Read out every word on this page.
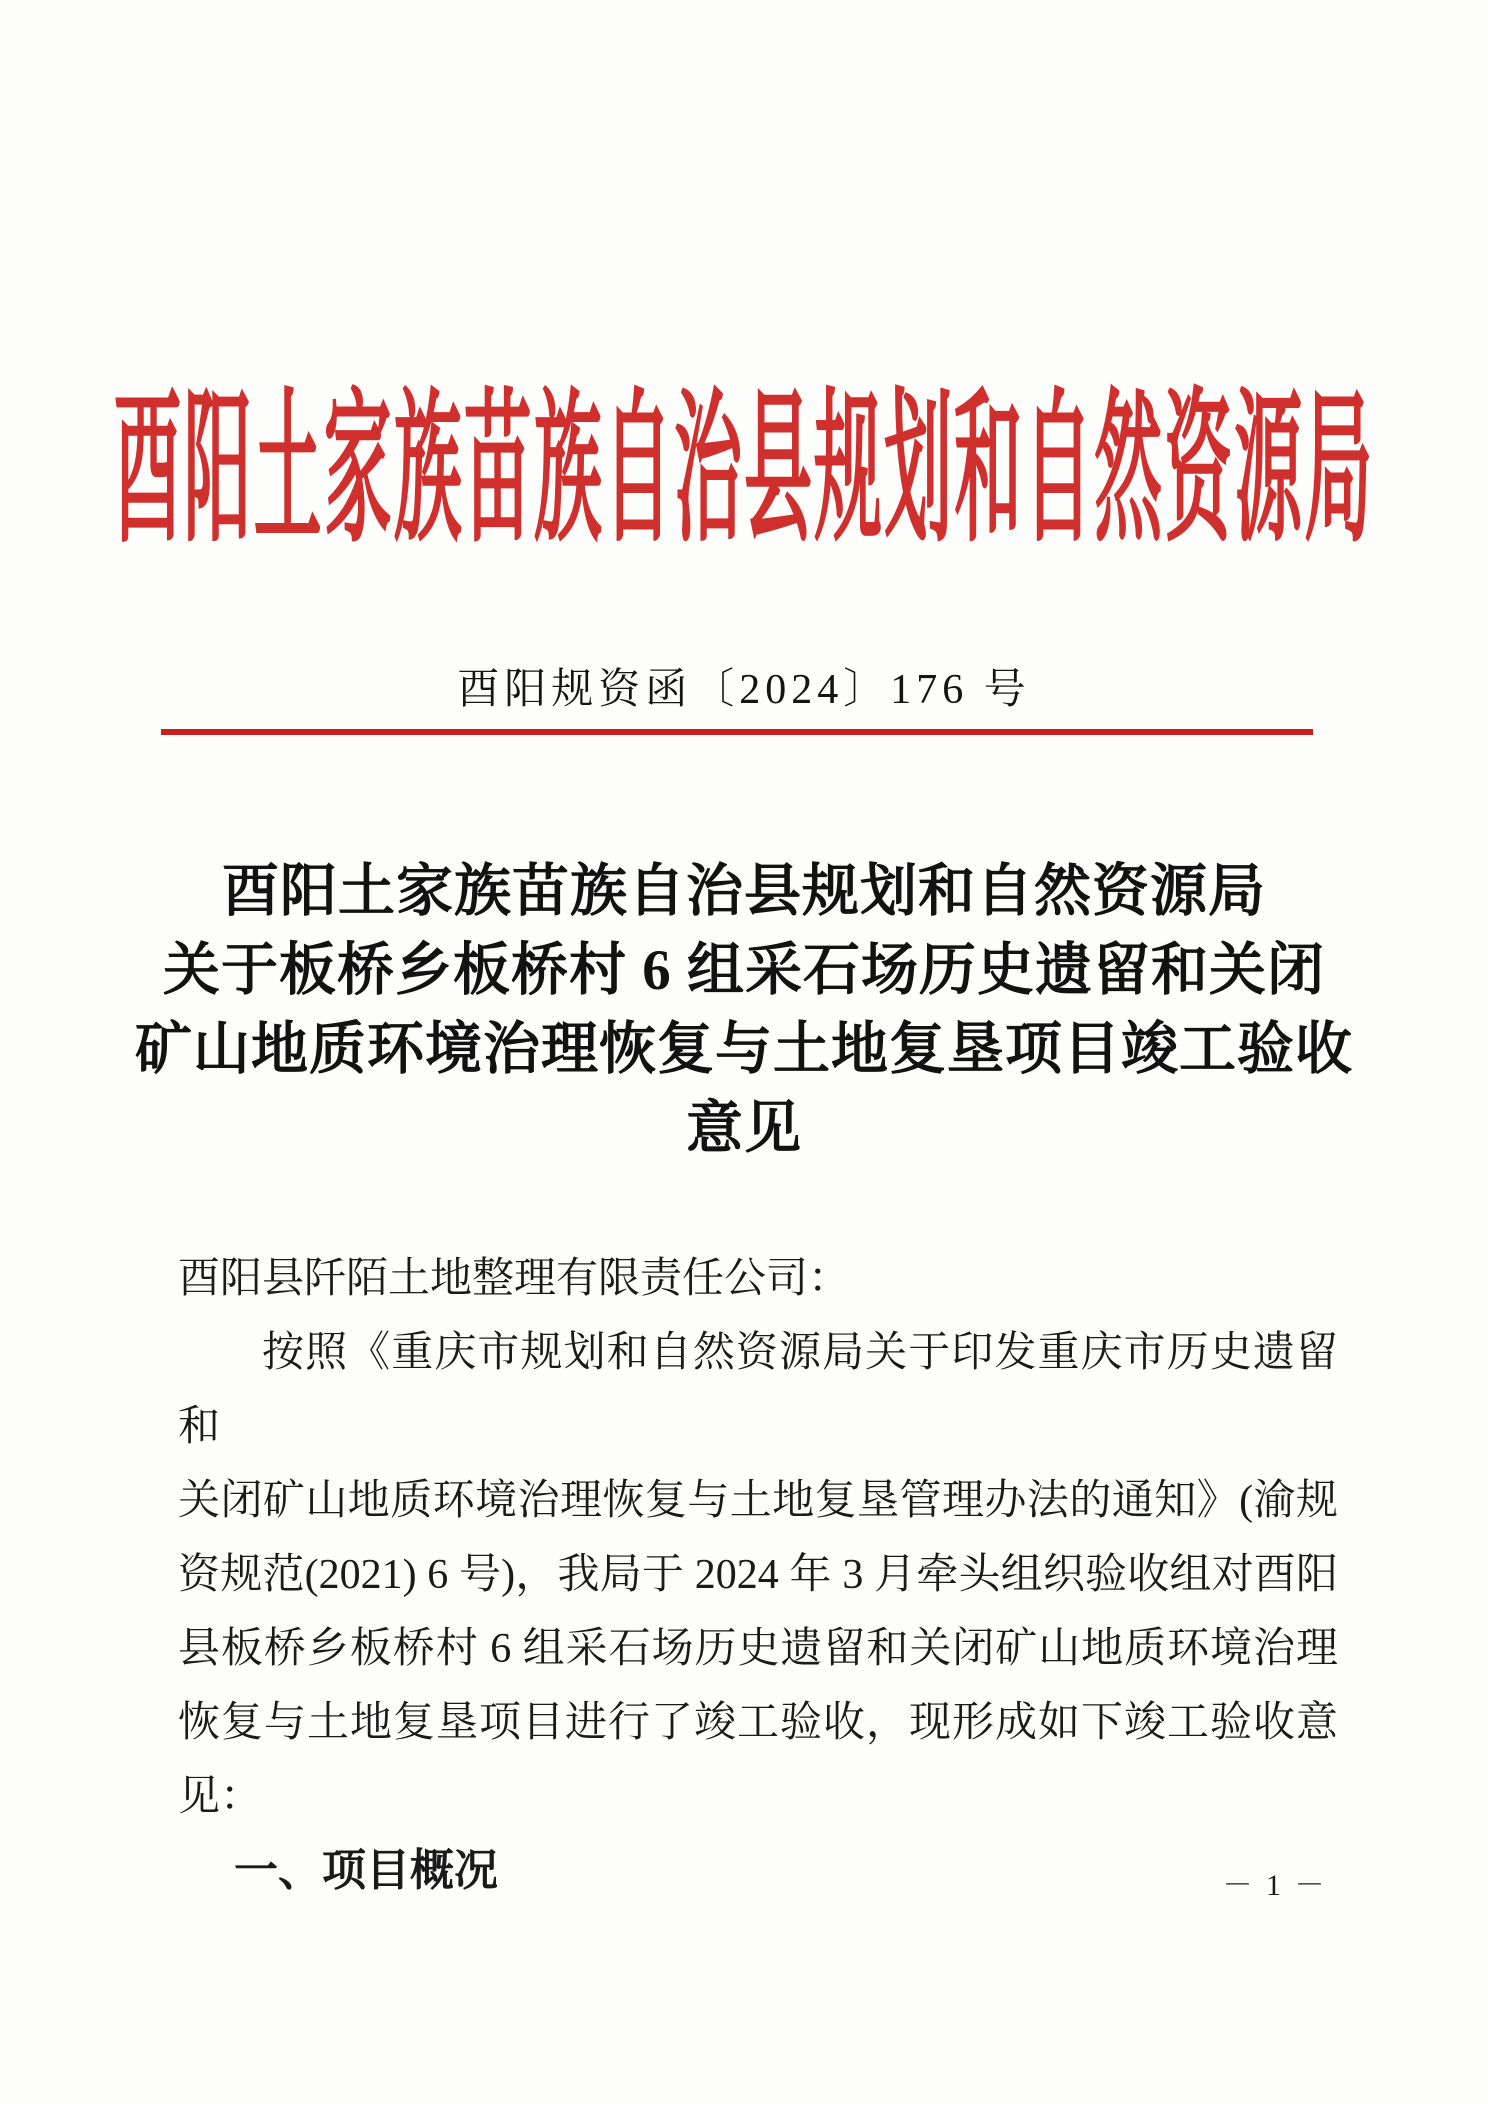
酉阳土家族苗族自治县规划和自然资源局
酉阳规资函〔2024〕176 号
酉阳土家族苗族自治县规划和自然资源局
关于板桥乡板桥村 6 组采石场历史遗留和关闭
矿山地质环境治理恢复与土地复垦项目竣工验收
意见
酉阳县阡陌土地整理有限责任公司：
按照《重庆市规划和自然资源局关于印发重庆市历史遗留和
关闭矿山地质环境治理恢复与土地复垦管理办法的通知》(渝规
资规范(2021) 6 号)，我局于 2024 年 3 月牵头组织验收组对酉阳
县板桥乡板桥村 6 组采石场历史遗留和关闭矿山地质环境治理
恢复与土地复垦项目进行了竣工验收，现形成如下竣工验收意
见：
一、项目概况	－ 1 －
